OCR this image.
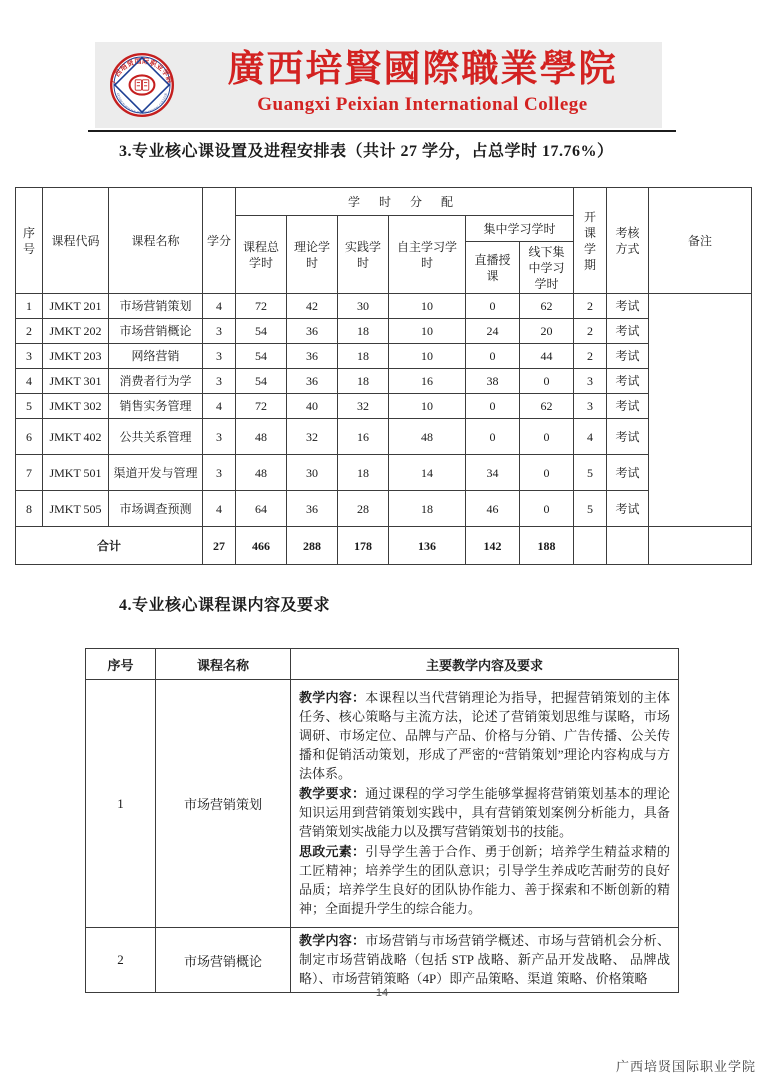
广西培贤国际职业学院
GUANGXI PEIXIAN INTERNATIONAL COLLEGE
廣西培賢國際職業學院
Guangxi Peixian International College
3.专业核心课设置及进程安排表（共计 27 学分，占总学时 17.76%）
序号	课程代码	课程名称	学分	学 时 分 配						开课学期	考核方式	备注
				课程总学时	理论学时	实践学时	自主学习学时	集中学习学时				
								直播授课	线下集中学习学时			
1	JMKT 201	市场营销策划	4	72	42	30	10	0	62	2	考试	
2	JMKT 202	市场营销概论	3	54	36	18	10	24	20	2	考试	
3	JMKT 203	网络营销	3	54	36	18	10	0	44	2	考试	
4	JMKT 301	消费者行为学	3	54	36	18	16	38	0	3	考试	
5	JMKT 302	销售实务管理	4	72	40	32	10	0	62	3	考试	
6	JMKT 402	公共关系管理	3	48	32	16	48	0	0	4	考试	
7	JMKT 501	渠道开发与管理	3	48	30	18	14	34	0	5	考试	
8	JMKT 505	市场调查预测	4	64	36	28	18	46	0	5	考试	
合计			27	466	288	178	136	142	188			
4.专业核心课程课内容及要求
序号	课程名称	主要教学内容及要求
1	市场营销策划	教学内容：本课程以当代营销理论为指导，把握营销策划的主体任务、核心策略与主流方法，论述了营销策划思维与谋略，市场调研、市场定位、品牌与产品、价格与分销、广告传播、公关传播和促销活动策划，形成了严密的“营销策划”理论内容构成与方法体系。

教学要求：通过课程的学习学生能够掌握将营销策划基本的理论知识运用到营销策划实践中，具有营销策划案例分析能力，具备营销策划实战能力以及撰写营销策划书的技能。

思政元素：引导学生善于合作、勇于创新；培养学生精益求精的工匠精神；培养学生的团队意识；引导学生养成吃苦耐劳的良好品质；培养学生良好的团队协作能力、善于探索和不断创新的精神；全面提升学生的综合能力。

2	市场营销概论	教学内容：市场营销与市场营销学概述、市场与营销机会分析、制定市场营销战略（包括 STP 战略、新产品开发战略、 品牌战略）、市场营销策略（4P）即产品策略、渠道 策略、价格策略

14
广西培贤国际职业学院
